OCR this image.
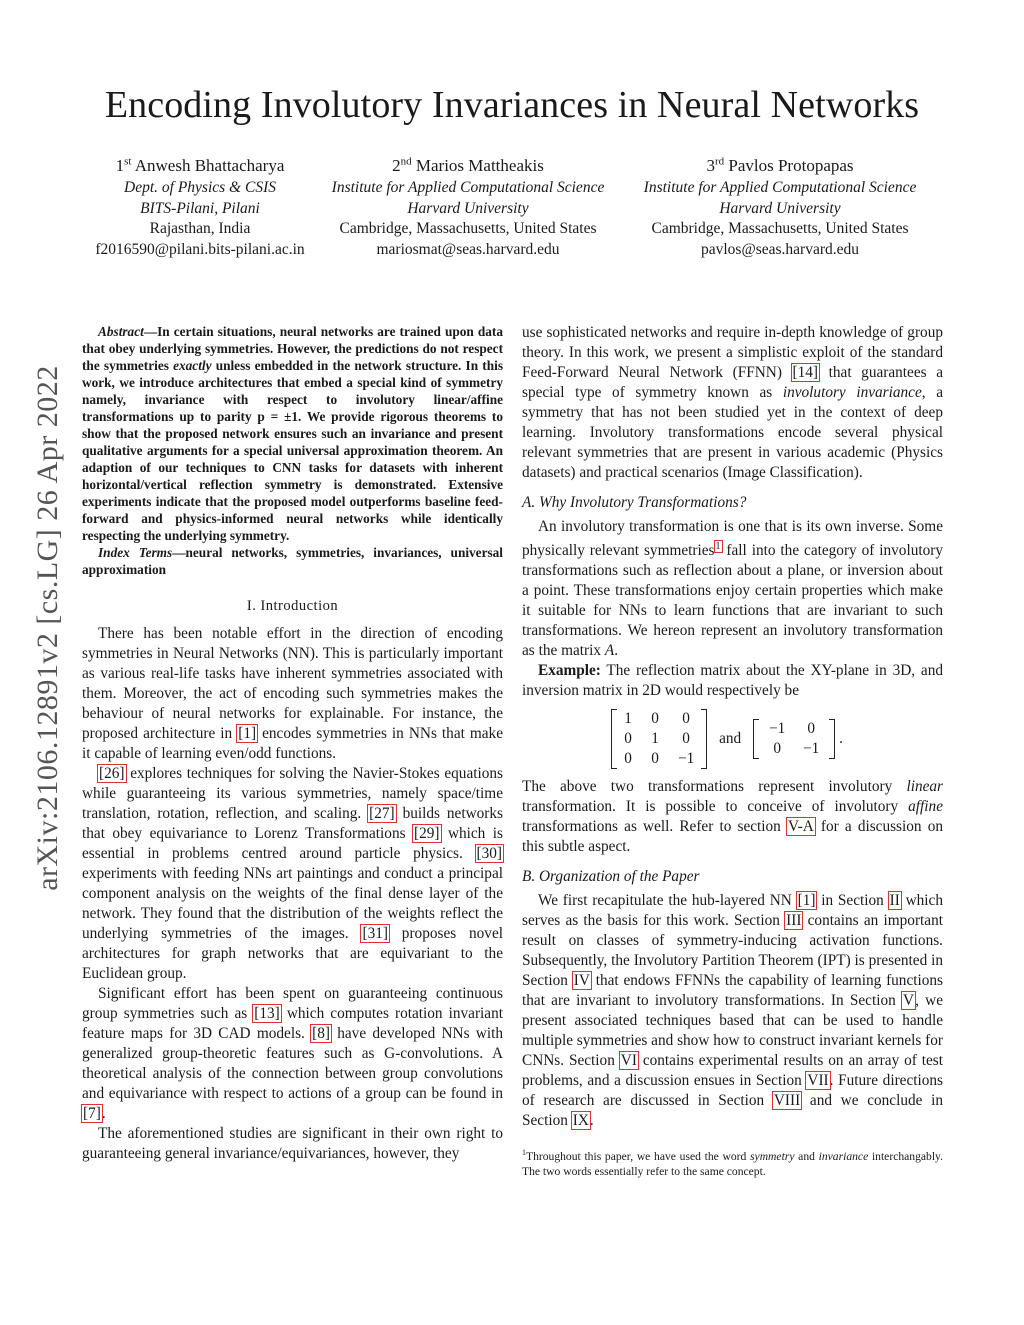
Encoding Involutory Invariances in Neural Networks
1st Anwesh Bhattacharya
Dept. of Physics & CSIS
BITS-Pilani, Pilani
Rajasthan, India
f2016590@pilani.bits-pilani.ac.in
2nd Marios Mattheakis
Institute for Applied Computational Science
Harvard University
Cambridge, Massachusetts, United States
mariosmat@seas.harvard.edu
3rd Pavlos Protopapas
Institute for Applied Computational Science
Harvard University
Cambridge, Massachusetts, United States
pavlos@seas.harvard.edu
arXiv:2106.12891v2 [cs.LG] 26 Apr 2022

Abstract—In certain situations, neural networks are trained upon data that obey underlying symmetries. However, the predictions do not respect the symmetries exactly unless embedded in the network structure. In this work, we introduce architectures that embed a special kind of symmetry namely, invariance with respect to involutory linear/affine transformations up to parity p = ±1. We provide rigorous theorems to show that the proposed network ensures such an invariance and present qualitative arguments for a special universal approximation theorem. An adaption of our techniques to CNN tasks for datasets with inherent horizontal/vertical reflection symmetry is demonstrated. Extensive experiments indicate that the proposed model outperforms baseline feed-forward and physics-informed neural networks while identically respecting the underlying symmetry.

Index Terms—neural networks, symmetries, invariances, universal approximation

I. Introduction

There has been notable effort in the direction of encoding symmetries in Neural Networks (NN). This is particularly important as various real-life tasks have inherent symmetries associated with them. Moreover, the act of encoding such symmetries makes the behaviour of neural networks for explainable. For instance, the proposed architecture in [1] encodes symmetries in NNs that make it capable of learning even/odd functions.

[26] explores techniques for solving the Navier-Stokes equations while guaranteeing its various symmetries, namely space/time translation, rotation, reflection, and scaling. [27] builds networks that obey equivariance to Lorenz Transformations [29] which is essential in problems centred around particle physics. [30] experiments with feeding NNs art paintings and conduct a principal component analysis on the weights of the final dense layer of the network. They found that the distribution of the weights reflect the underlying symmetries of the images. [31] proposes novel architectures for graph networks that are equivariant to the Euclidean group.

Significant effort has been spent on guaranteeing continuous group symmetries such as [13] which computes rotation invariant feature maps for 3D CAD models. [8] have developed NNs with generalized group-theoretic features such as G-convolutions. A theoretical analysis of the connection between group convolutions and equivariance with respect to actions of a group can be found in [7].

The aforementioned studies are significant in their own right to guaranteeing general invariance/equivariances, however, they

use sophisticated networks and require in-depth knowledge of group theory. In this work, we present a simplistic exploit of the standard Feed-Forward Neural Network (FFNN) [14] that guarantees a special type of symmetry known as involutory invariance, a symmetry that has not been studied yet in the context of deep learning. Involutory transformations encode several physical relevant symmetries that are present in various academic (Physics datasets) and practical scenarios (Image Classification).

A. Why Involutory Transformations?

An involutory transformation is one that is its own inverse. Some physically relevant symmetries$^1$ fall into the category of involutory transformations such as reflection about a plane, or inversion about a point. These transformations enjoy certain properties which make it suitable for NNs to learn functions that are invariant to such transformations. We hereon represent an involutory transformation as the matrix A.

Example: The reflection matrix about the XY-plane in 3D, and inversion matrix in 2D would respectively be

1	0	0
0	1	0
0	0	−1
and
−1	0
0	−1
.

The above two transformations represent involutory linear transformation. It is possible to conceive of involutory affine transformations as well. Refer to section V-A for a discussion on this subtle aspect.

B. Organization of the Paper

We first recapitulate the hub-layered NN [1] in Section II which serves as the basis for this work. Section III contains an important result on classes of symmetry-inducing activation functions. Subsequently, the Involutory Partition Theorem (IPT) is presented in Section IV that endows FFNNs the capability of learning functions that are invariant to involutory transformations. In Section V, we present associated techniques based that can be used to handle multiple symmetries and show how to construct invariant kernels for CNNs. Section VI contains experimental results on an array of test problems, and a discussion ensues in Section VII. Future directions of research are discussed in Section VIII and we conclude in Section IX.

$^1$Throughout this paper, we have used the word symmetry and invariance interchangably. The two words essentially refer to the same concept.
